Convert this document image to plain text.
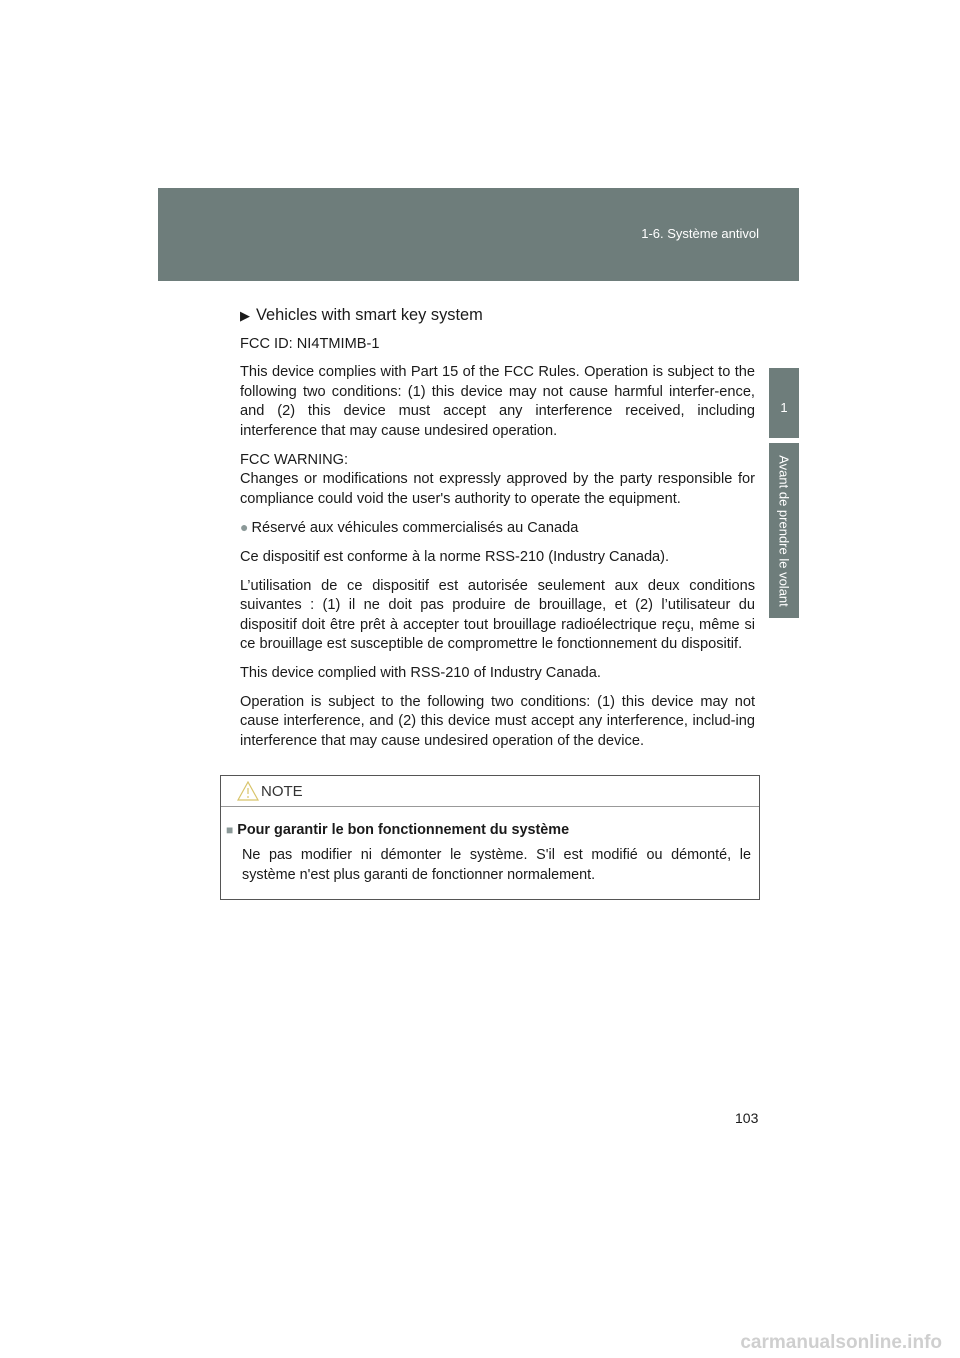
1-6. Système antivol
1
Avant de prendre le volant

▶ Vehicles with smart key system

FCC ID: NI4TMIMB-1

This device complies with Part 15 of the FCC Rules. Operation is subject to the following two conditions: (1) this device may not cause harmful interfer-ence, and (2) this device must accept any interference received, including interference that may cause undesired operation.

FCC WARNING:
Changes or modifications not expressly approved by the party responsible for compliance could void the user's authority to operate the equipment.

● Réservé aux véhicules commercialisés au Canada

Ce dispositif est conforme à la norme RSS-210 (Industry Canada).

L’utilisation de ce dispositif est autorisée seulement aux deux conditions suivantes : (1) il ne doit pas produire de brouillage, et (2) l’utilisateur du dispositif doit être prêt à accepter tout brouillage radioélectrique reçu, même si ce brouillage est susceptible de compromettre le fonctionnement du dispositif.

This device complied with RSS-210 of Industry Canada.

Operation is subject to the following two conditions: (1) this device may not cause interference, and (2) this device must accept any interference, includ-ing interference that may cause undesired operation of the device.

NOTE

■ Pour garantir le bon fonctionnement du système

Ne pas modifier ni démonter le système. S'il est modifié ou démonté, le système n'est plus garanti de fonctionner normalement.

103
carmanualsonline.info
